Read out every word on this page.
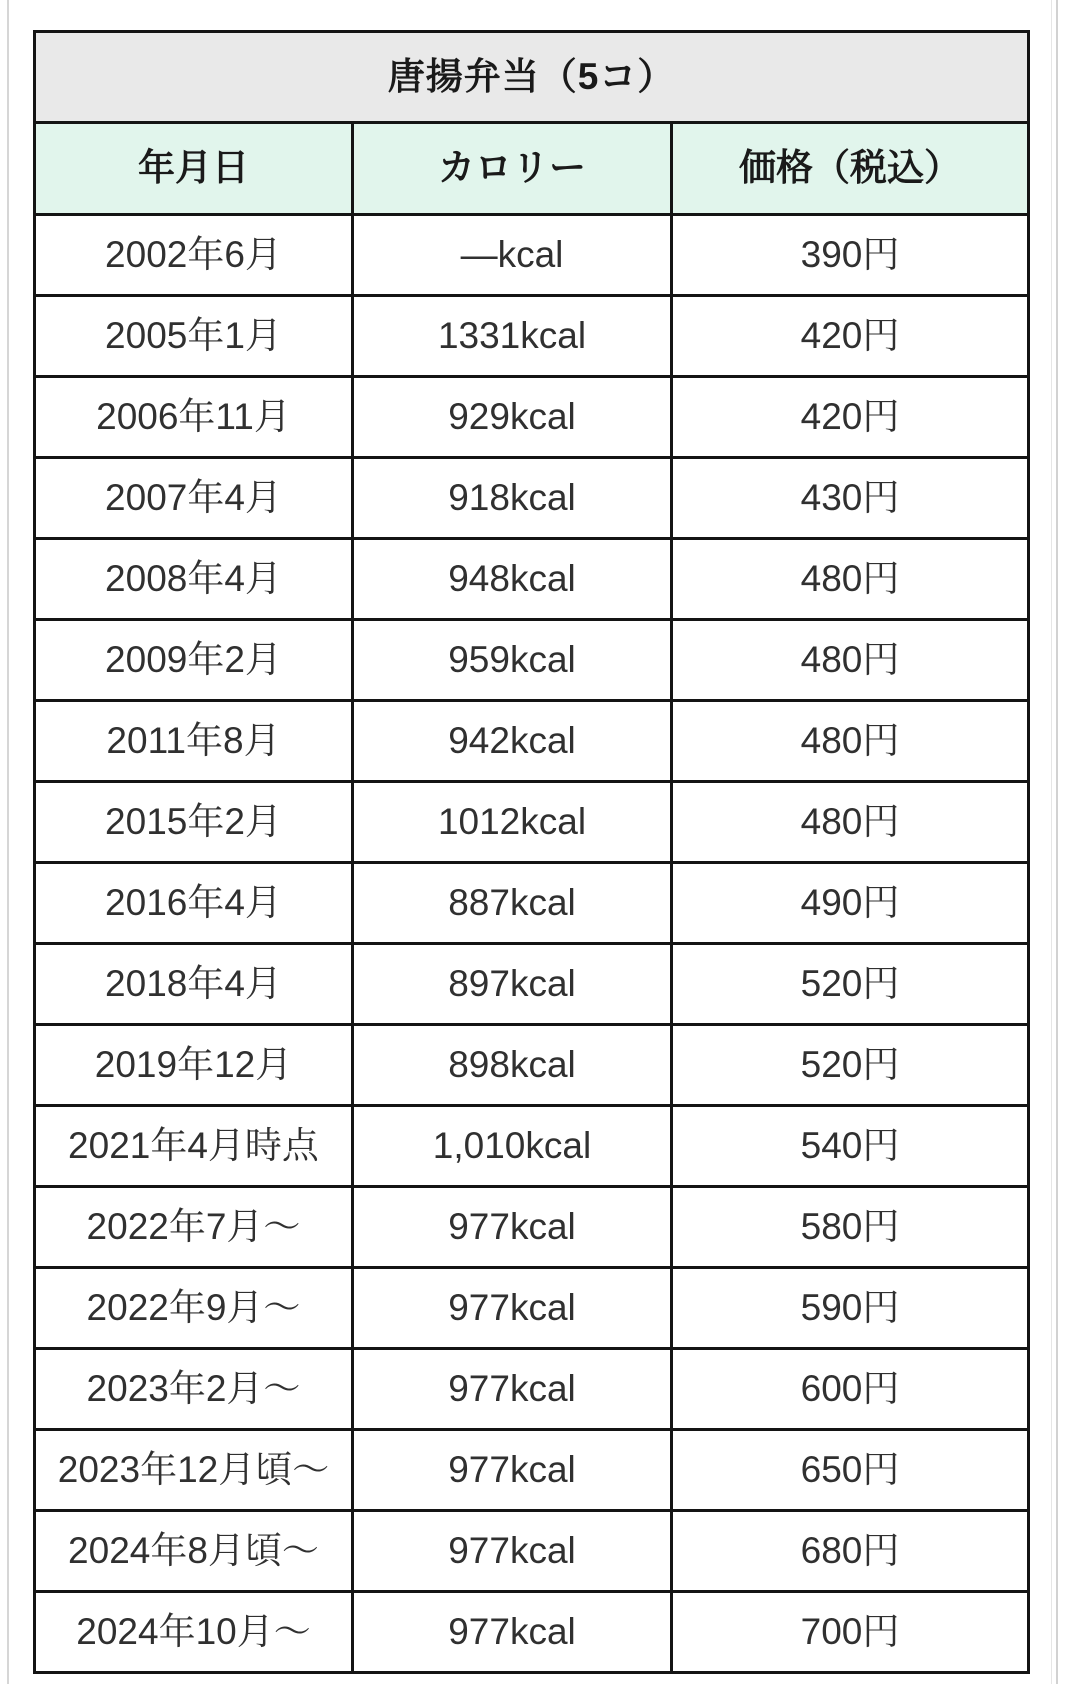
唐揚弁当（5コ）		
年月日	カロリー	価格（税込）
2002年6月	―kcal	390円
2005年1月	1331kcal	420円
2006年11月	929kcal	420円
2007年4月	918kcal	430円
2008年4月	948kcal	480円
2009年2月	959kcal	480円
2011年8月	942kcal	480円
2015年2月	1012kcal	480円
2016年4月	887kcal	490円
2018年4月	897kcal	520円
2019年12月	898kcal	520円
2021年4月時点	1,010kcal	540円
2022年7月～	977kcal	580円
2022年9月～	977kcal	590円
2023年2月～	977kcal	600円
2023年12月頃～	977kcal	650円
2024年8月頃～	977kcal	680円
2024年10月～	977kcal	700円
